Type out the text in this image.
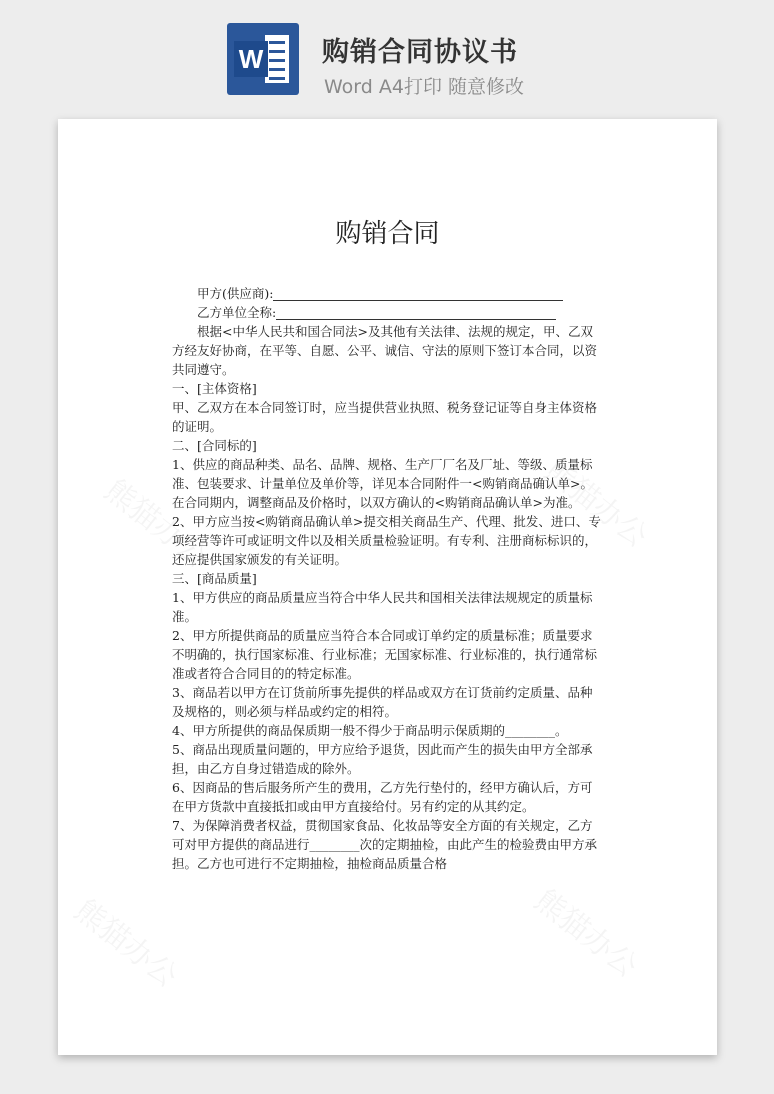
W 购销合同协议书
Word A4打印 随意修改
购销合同

甲方(供应商):

乙方单位全称:

根据<中华人民共和国合同法>及其他有关法律、法规的规定，甲、乙双方经友好协商，在平等、自愿、公平、诚信、守法的原则下签订本合同，以资共同遵守。

一、[主体资格]

甲、乙双方在本合同签订时，应当提供营业执照、税务登记证等自身主体资格的证明。

二、[合同标的]

1、供应的商品种类、品名、品牌、规格、生产厂厂名及厂址、等级、质量标准、包装要求、计量单位及单价等，详见本合同附件一<购销商品确认单>。在合同期内，调整商品及价格时，以双方确认的<购销商品确认单>为准。

2、甲方应当按<购销商品确认单>提交相关商品生产、代理、批发、进口、专项经营等许可或证明文件以及相关质量检验证明。有专利、注册商标标识的，还应提供国家颁发的有关证明。

三、[商品质量]

1、甲方供应的商品质量应当符合中华人民共和国相关法律法规规定的质量标准。

2、甲方所提供商品的质量应当符合本合同或订单约定的质量标准；质量要求不明确的，执行国家标准、行业标准；无国家标准、行业标准的，执行通常标准或者符合合同目的的特定标准。

3、商品若以甲方在订货前所事先提供的样品或双方在订货前约定质量、品种及规格的，则必须与样品或约定的相符。

4、甲方所提供的商品保质期一般不得少于商品明示保质期的________。

5、商品出现质量问题的，甲方应给予退货，因此而产生的损失由甲方全部承担，由乙方自身过错造成的除外。

6、因商品的售后服务所产生的费用，乙方先行垫付的，经甲方确认后，方可在甲方货款中直接抵扣或由甲方直接给付。另有约定的从其约定。

7、为保障消费者权益，贯彻国家食品、化妆品等安全方面的有关规定，乙方可对甲方提供的商品进行________次的定期抽检，由此产生的检验费由甲方承担。乙方也可进行不定期抽检，抽检商品质量合格
